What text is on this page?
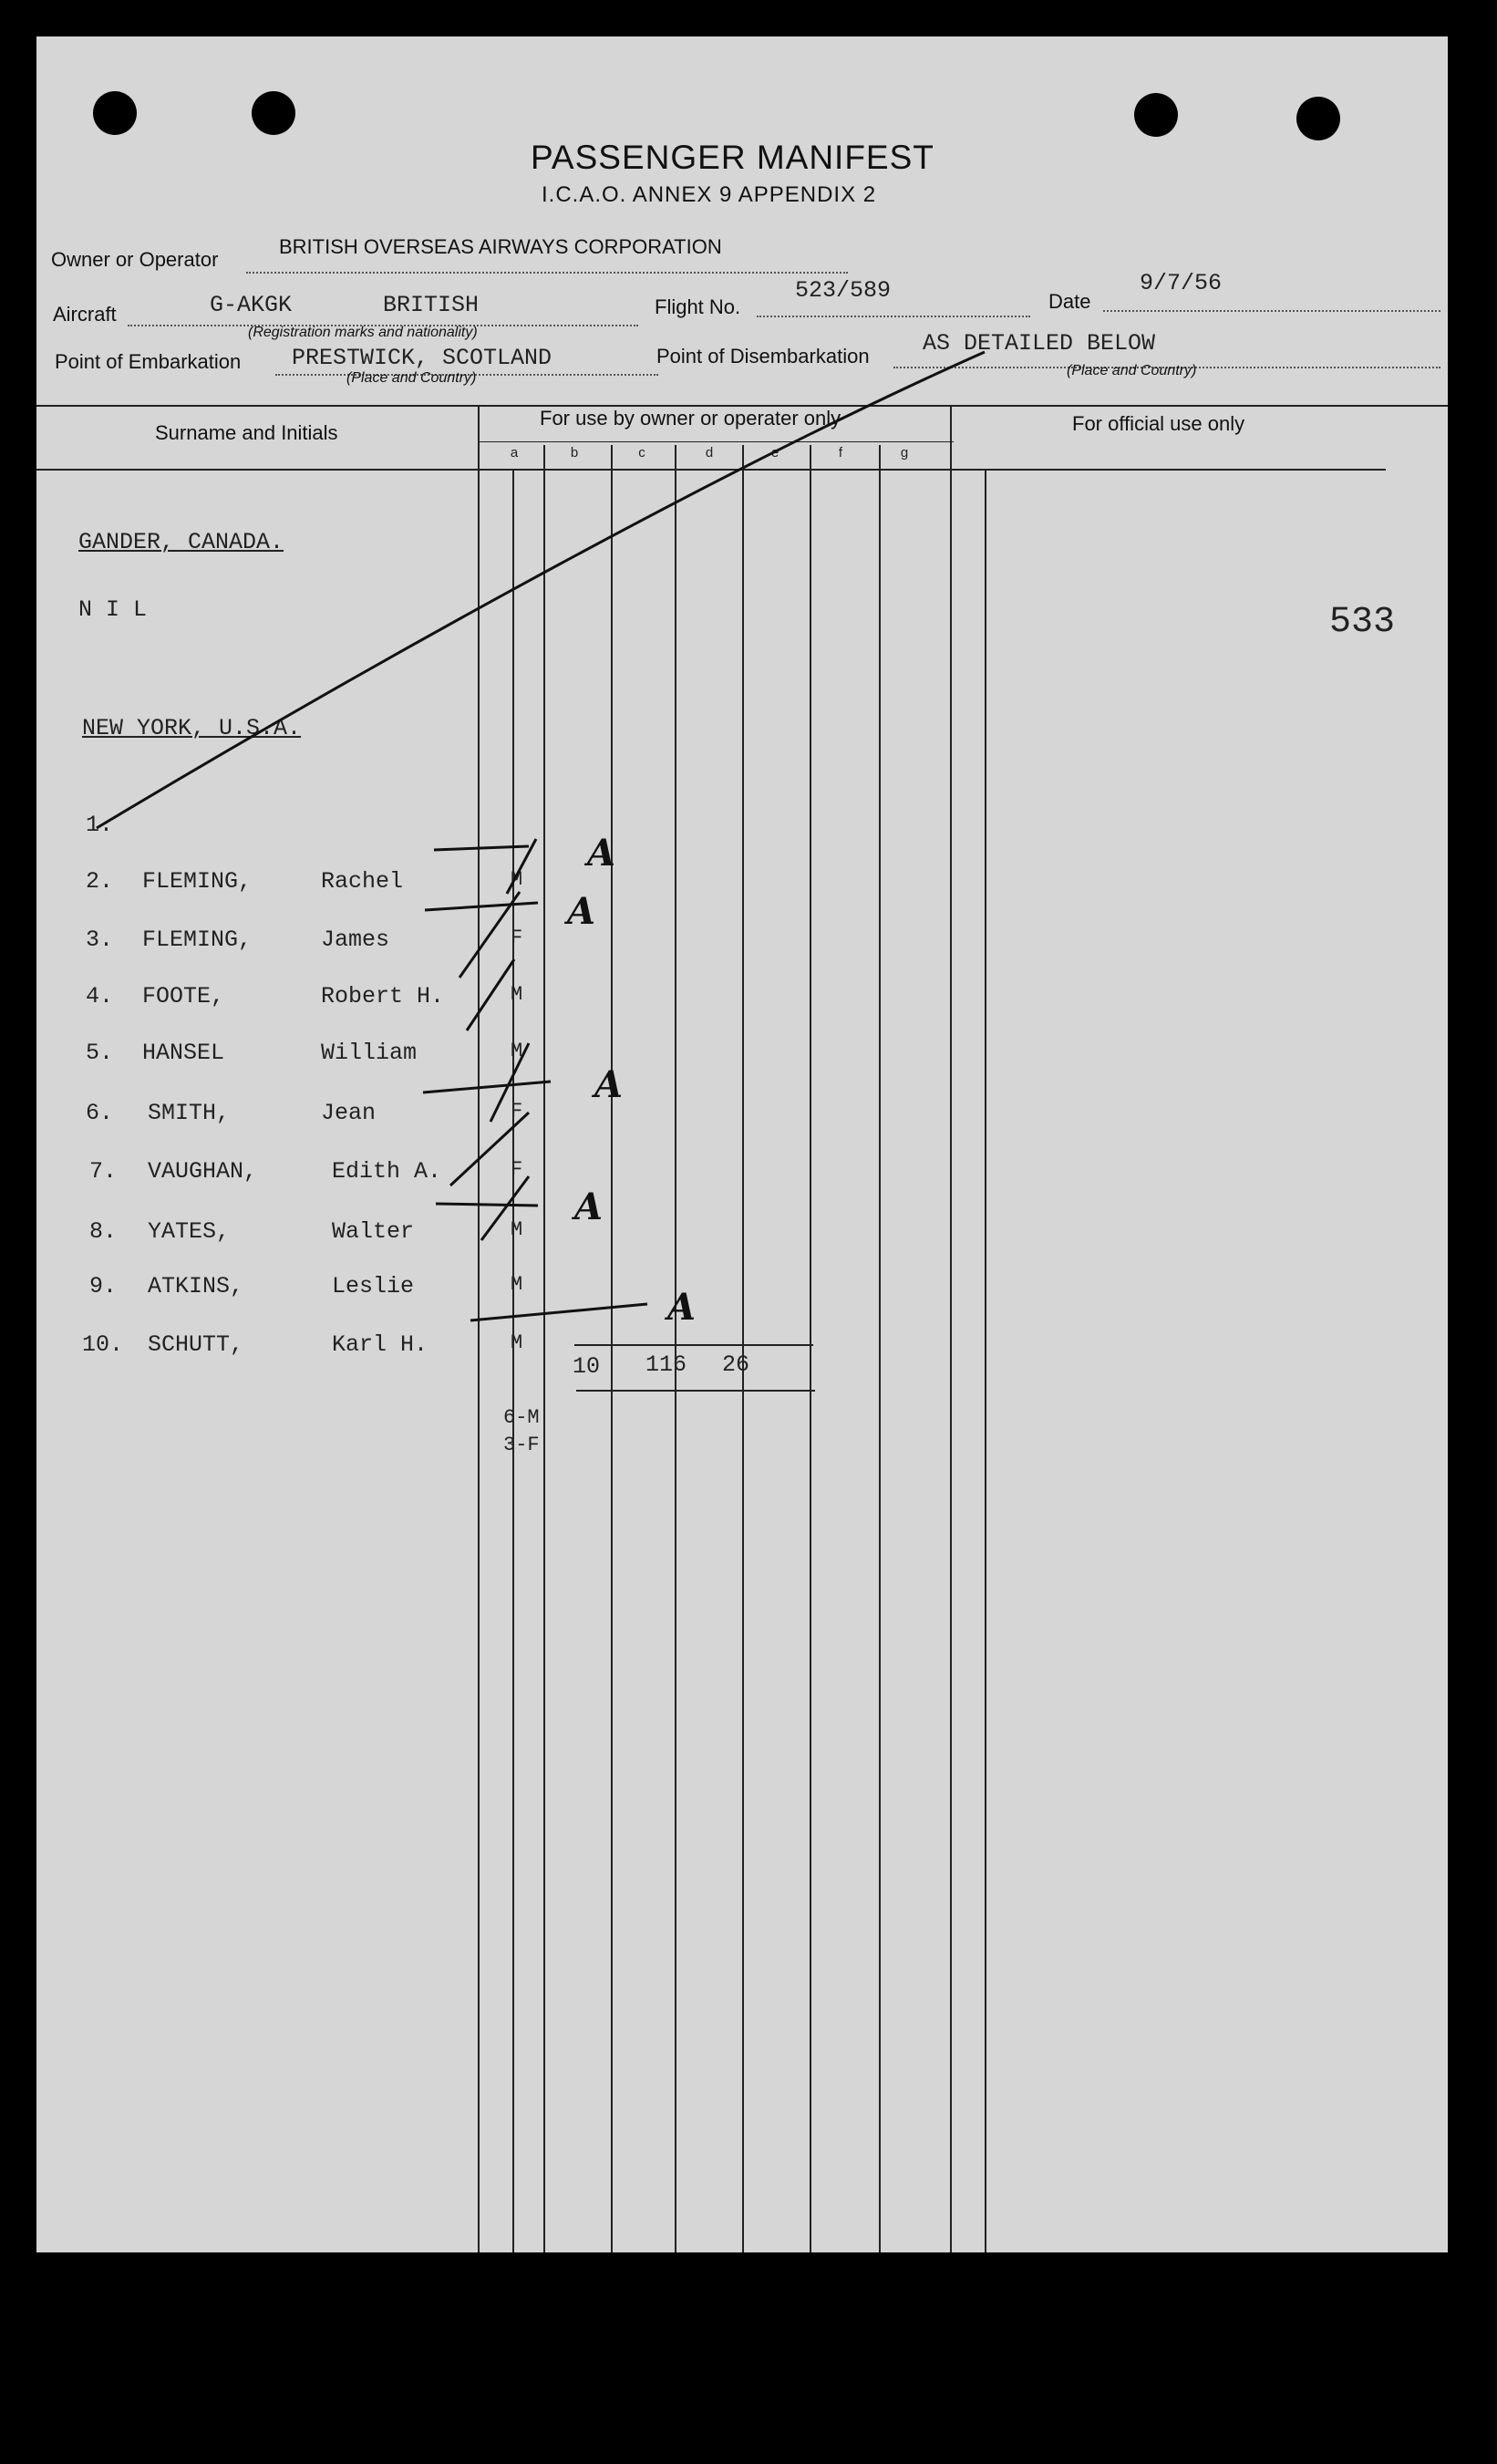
PASSENGER MANIFEST
I.C.A.O. ANNEX 9 APPENDIX 2
Owner or Operator
BRITISH OVERSEAS AIRWAYS CORPORATION
Aircraft	G-AKGK	BRITISH
(Registration marks and nationality)
Flight No.
523/589	Date
9/7/56
Point of Embarkation PRESTWICK, SCOTLAND
(Place and Country)
Point of Disembarkation AS DETAILED BELOW
(Place and Country)
Surname and Initials
For use by owner or operater only	For official use only
a	b	c	d	e	f	g
GANDER, CANADA.
N I L
NEW YORK, U.S.A.
533
1.
2. FLEMING,	Rachel	M
3. FLEMING,	James	F
4. FOOTE,	Robert H.	M
5. HANSEL	William	M
6. SMITH,	Jean	F
7. VAUGHAN,	Edith A.	F
8. YATES,	Walter	M
9. ATKINS,	Leslie	M
10. SCHUTT,	Karl H.	M
10 116 26
6-M
3-F
A
A
A
A
A
